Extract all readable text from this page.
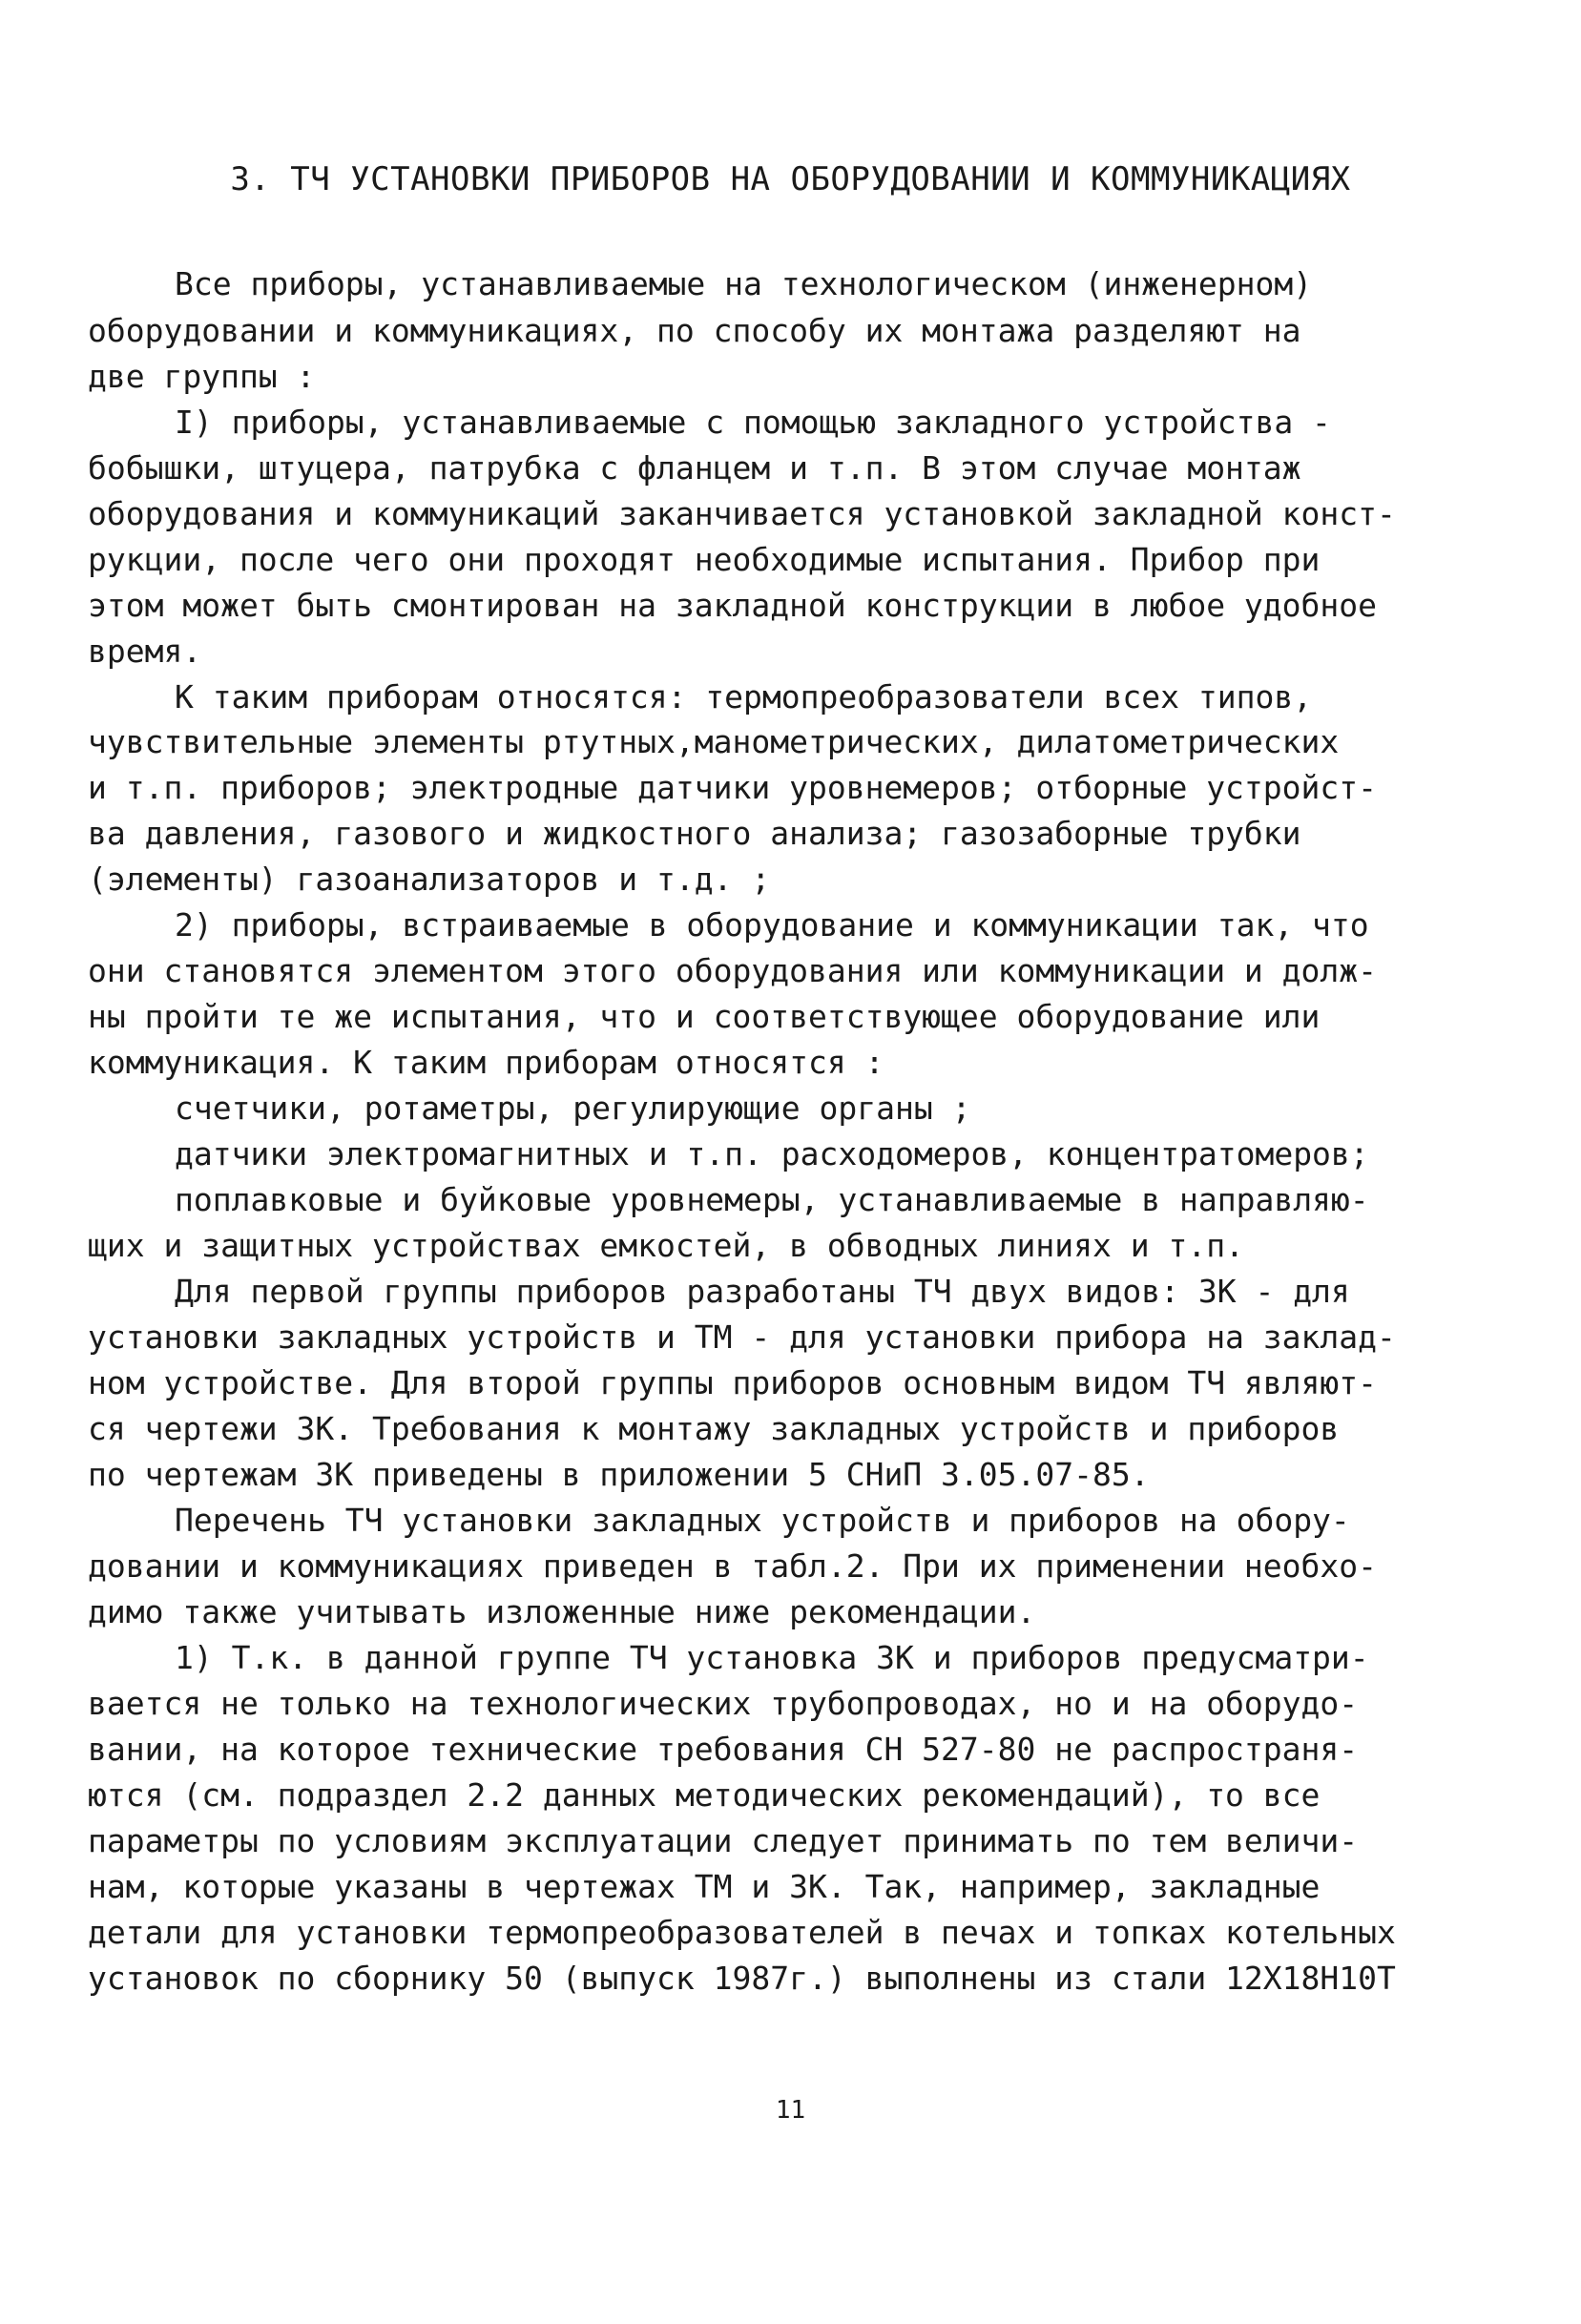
3. ТЧ УСТАНОВКИ ПРИБОРОВ НА ОБОРУДОВАНИИ И КОММУНИКАЦИЯХ
Все приборы, устанавливаемые на технологическом (инженерном)
оборудовании и коммуникациях, по способу их монтажа разделяют на
две группы :
I) приборы, устанавливаемые с помощью закладного устройства -
бобышки, штуцера, патрубка с фланцем и т.п. В этом случае монтаж
оборудования и коммуникаций заканчивается установкой закладной конст-
рукции, после чего они проходят необходимые испытания. Прибор при
этом может быть смонтирован на закладной конструкции в любое удобное
время.
К таким приборам относятся: термопреобразователи всех типов,
чувствительные элементы ртутных,манометрических, дилатометрических
и т.п. приборов; электродные датчики уровнемеров; отборные устройст-
ва давления, газового и жидкостного анализа; газозаборные трубки
(элементы) газоанализаторов и т.д. ;
2) приборы, встраиваемые в оборудование и коммуникации так, что
они становятся элементом этого оборудования или коммуникации и долж-
ны пройти те же испытания, что и соответствующее оборудование или
коммуникация. К таким приборам относятся :
счетчики, ротаметры, регулирующие органы ;
датчики электромагнитных и т.п. расходомеров, концентратомеров;
поплавковые и буйковые уровнемеры, устанавливаемые в направляю-
щих и защитных устройствах емкостей, в обводных линиях и т.п.
Для первой группы приборов разработаны ТЧ двух видов: ЗК - для
установки закладных устройств и ТМ - для установки прибора на заклад-
ном устройстве. Для второй группы приборов основным видом ТЧ являют-
ся чертежи ЗК. Требования к монтажу закладных устройств и приборов
по чертежам ЗК приведены в приложении 5 СНиП 3.05.07-85.
Перечень ТЧ установки закладных устройств и приборов на обору-
довании и коммуникациях приведен в табл.2. При их применении необхо-
димо также учитывать изложенные ниже рекомендации.
1) Т.к. в данной группе ТЧ установка ЗК и приборов предусматри-
вается не только на технологических трубопроводах, но и на оборудо-
вании, на которое технические требования СН 527-80 не распространя-
ются (см. подраздел 2.2 данных методических рекомендаций), то все
параметры по условиям эксплуатации следует принимать по тем величи-
нам, которые указаны в чертежах ТМ и ЗК. Так, например, закладные
детали для установки термопреобразователей в печах и топках котельных
установок по сборнику 50 (выпуск 1987г.) выполнены из стали 12Х18Н10Т
11
